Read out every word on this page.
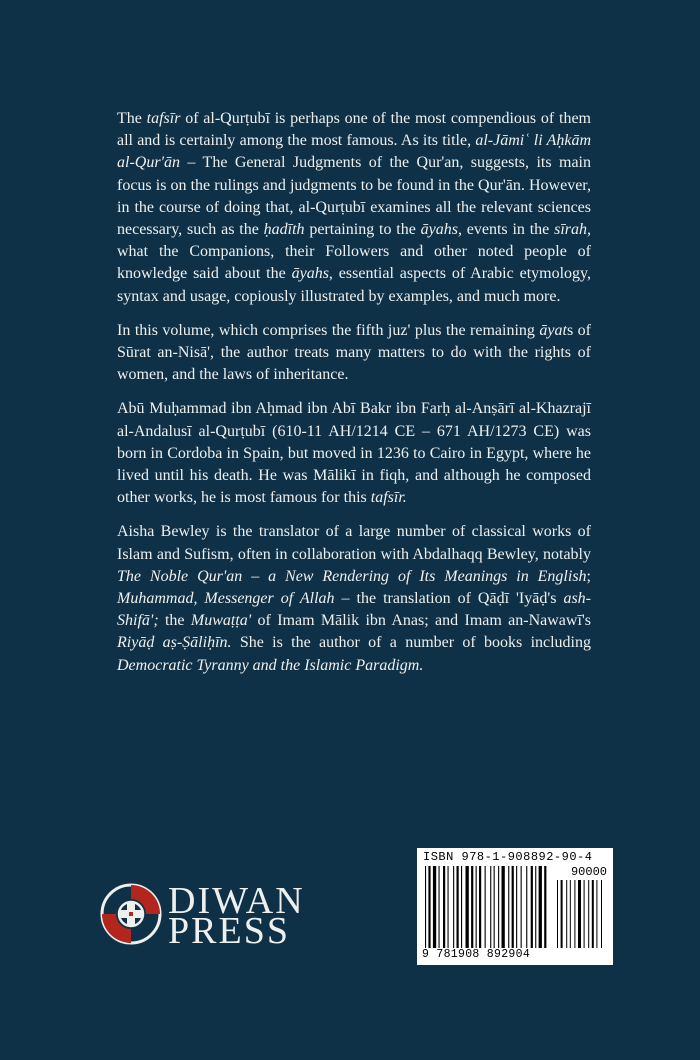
The tafsīr of al-Qurṭubī is perhaps one of the most compendious of them all and is certainly among the most famous. As its title, al-Jāmiʿ li Aḥkām al-Qur'ān – The General Judgments of the Qur'an, suggests, its main focus is on the rulings and judgments to be found in the Qur'ān. However, in the course of doing that, al-Qurṭubī examines all the relevant sciences necessary, such as the ḥadīth pertaining to the āyahs, events in the sīrah, what the Companions, their Followers and other noted people of knowledge said about the āyahs, essential aspects of Arabic etymology, syntax and usage, copiously illustrated by examples, and much more.

In this volume, which comprises the fifth juz' plus the remaining āyats of Sūrat an-Nisā', the author treats many matters to do with the rights of women, and the laws of inheritance.

Abū Muḥammad ibn Aḥmad ibn Abī Bakr ibn Farḥ al-Anṣārī al-Khazrajī al-Andalusī al-Qurṭubī (610-11 AH/1214 CE – 671 AH/1273 CE) was born in Cordoba in Spain, but moved in 1236 to Cairo in Egypt, where he lived until his death. He was Mālikī in fiqh, and although he composed other works, he is most famous for this tafsīr.

Aisha Bewley is the translator of a large number of classical works of Islam and Sufism, often in collaboration with Abdalhaqq Bewley, notably The Noble Qur'an – a New Rendering of Its Meanings in English; Muhammad, Messenger of Allah – the translation of Qāḍī 'Iyāḍ's ash-Shifā'; the Muwaṭṭa' of Imam Mālik ibn Anas; and Imam an-Nawawī's Riyāḍ aṣ-Ṣāliḥīn. She is the author of a number of books including Democratic Tyranny and the Islamic Paradigm.

DIWAN
PRESS
ISBN 978-1-908892-90-4
90000
9 781908 892904
